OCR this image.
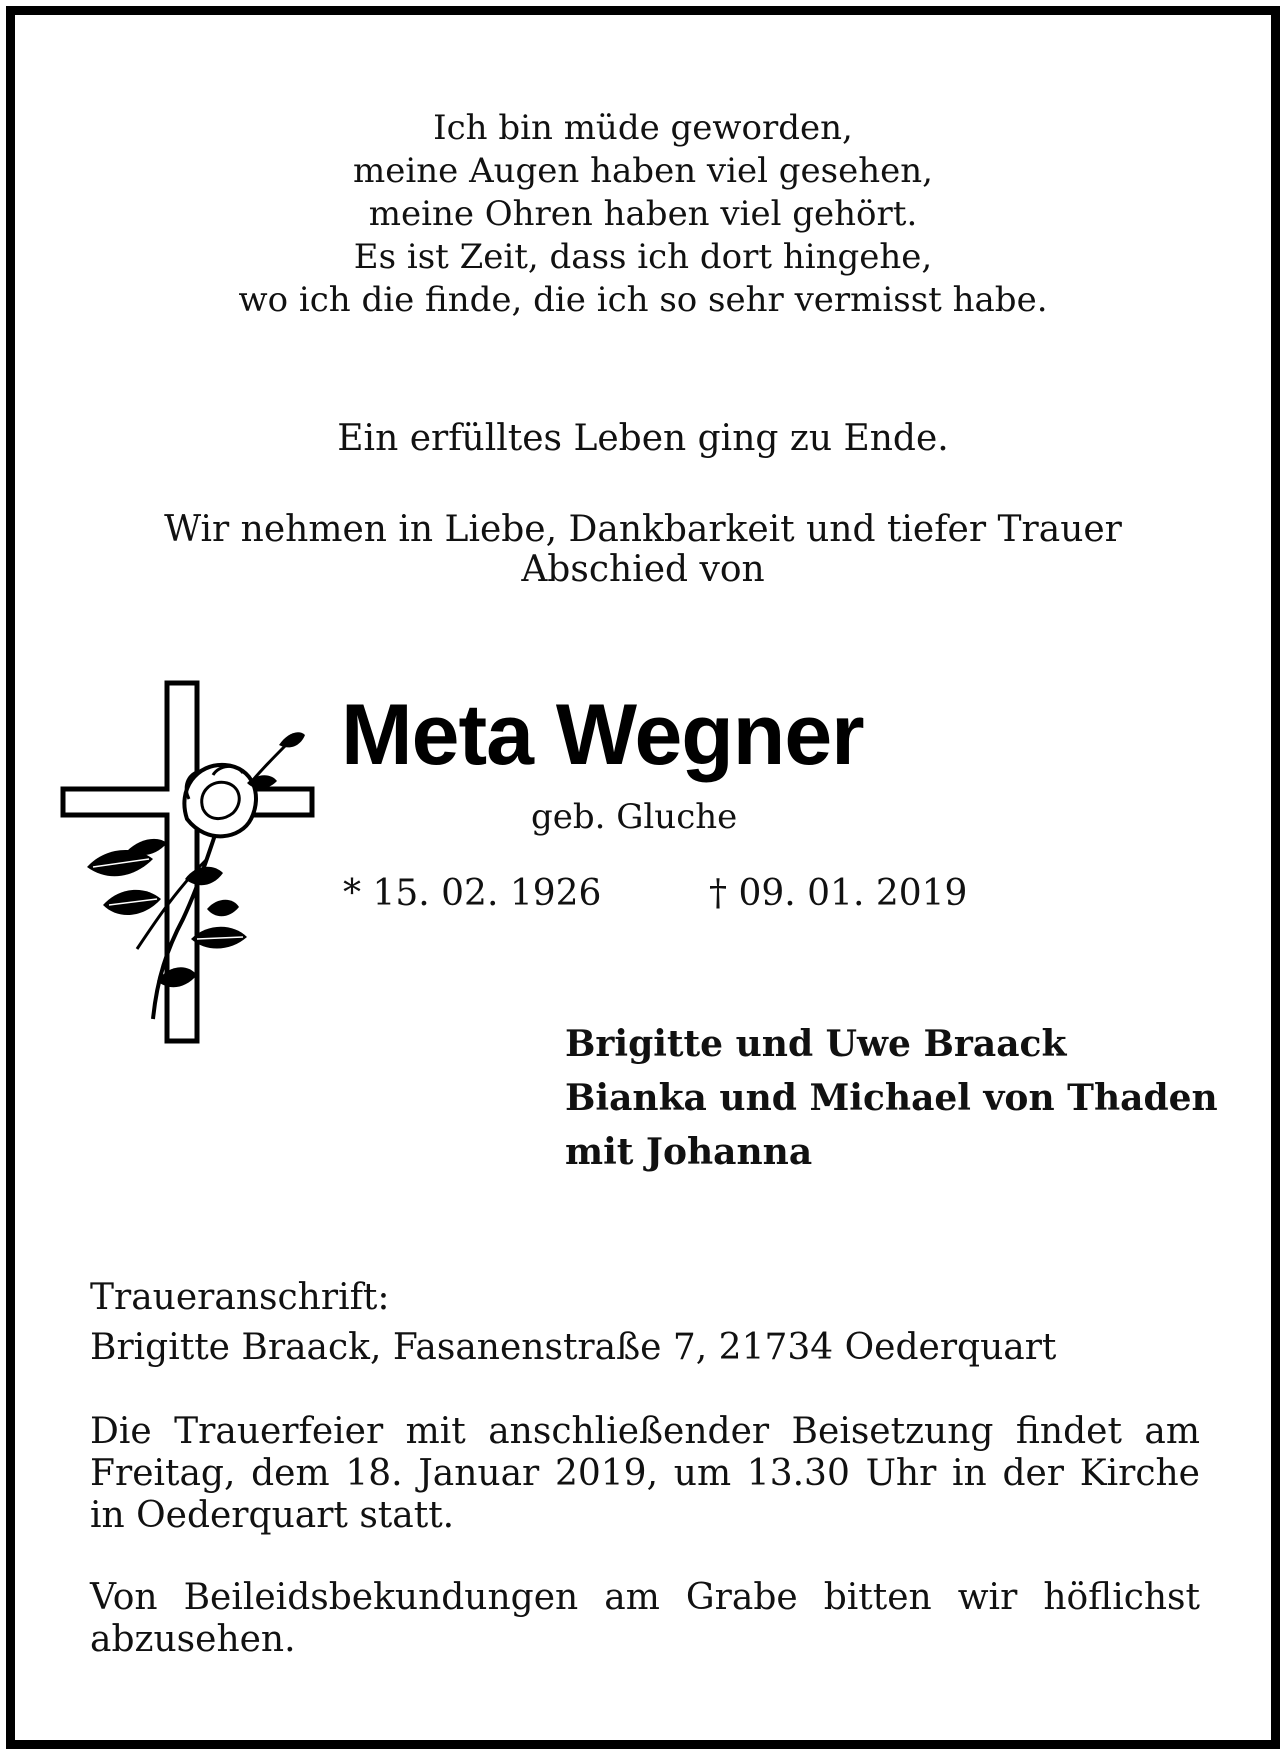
Ich bin müde geworden,
meine Augen haben viel gesehen,
meine Ohren haben viel gehört.
Es ist Zeit, dass ich dort hingehe,
wo ich die finde, die ich so sehr vermisst habe.
Ein erfülltes Leben ging zu Ende.
Wir nehmen in Liebe, Dankbarkeit und tiefer Trauer
Abschied von
Meta Wegner
geb. Gluche
* 15. 02. 1926	† 09. 01. 2019
Brigitte und Uwe Braack
Bianka und Michael von Thaden
mit Johanna
Traueranschrift:
Brigitte Braack, Fasanenstraße 7, 21734 Oederquart
Die Trauerfeier mit anschließender Beisetzung findet am Freitag, dem 18. Januar 2019, um 13.30 Uhr in der Kirche in Oederquart statt.
Von Beileidsbekundungen am Grabe bitten wir höflichst abzusehen.
